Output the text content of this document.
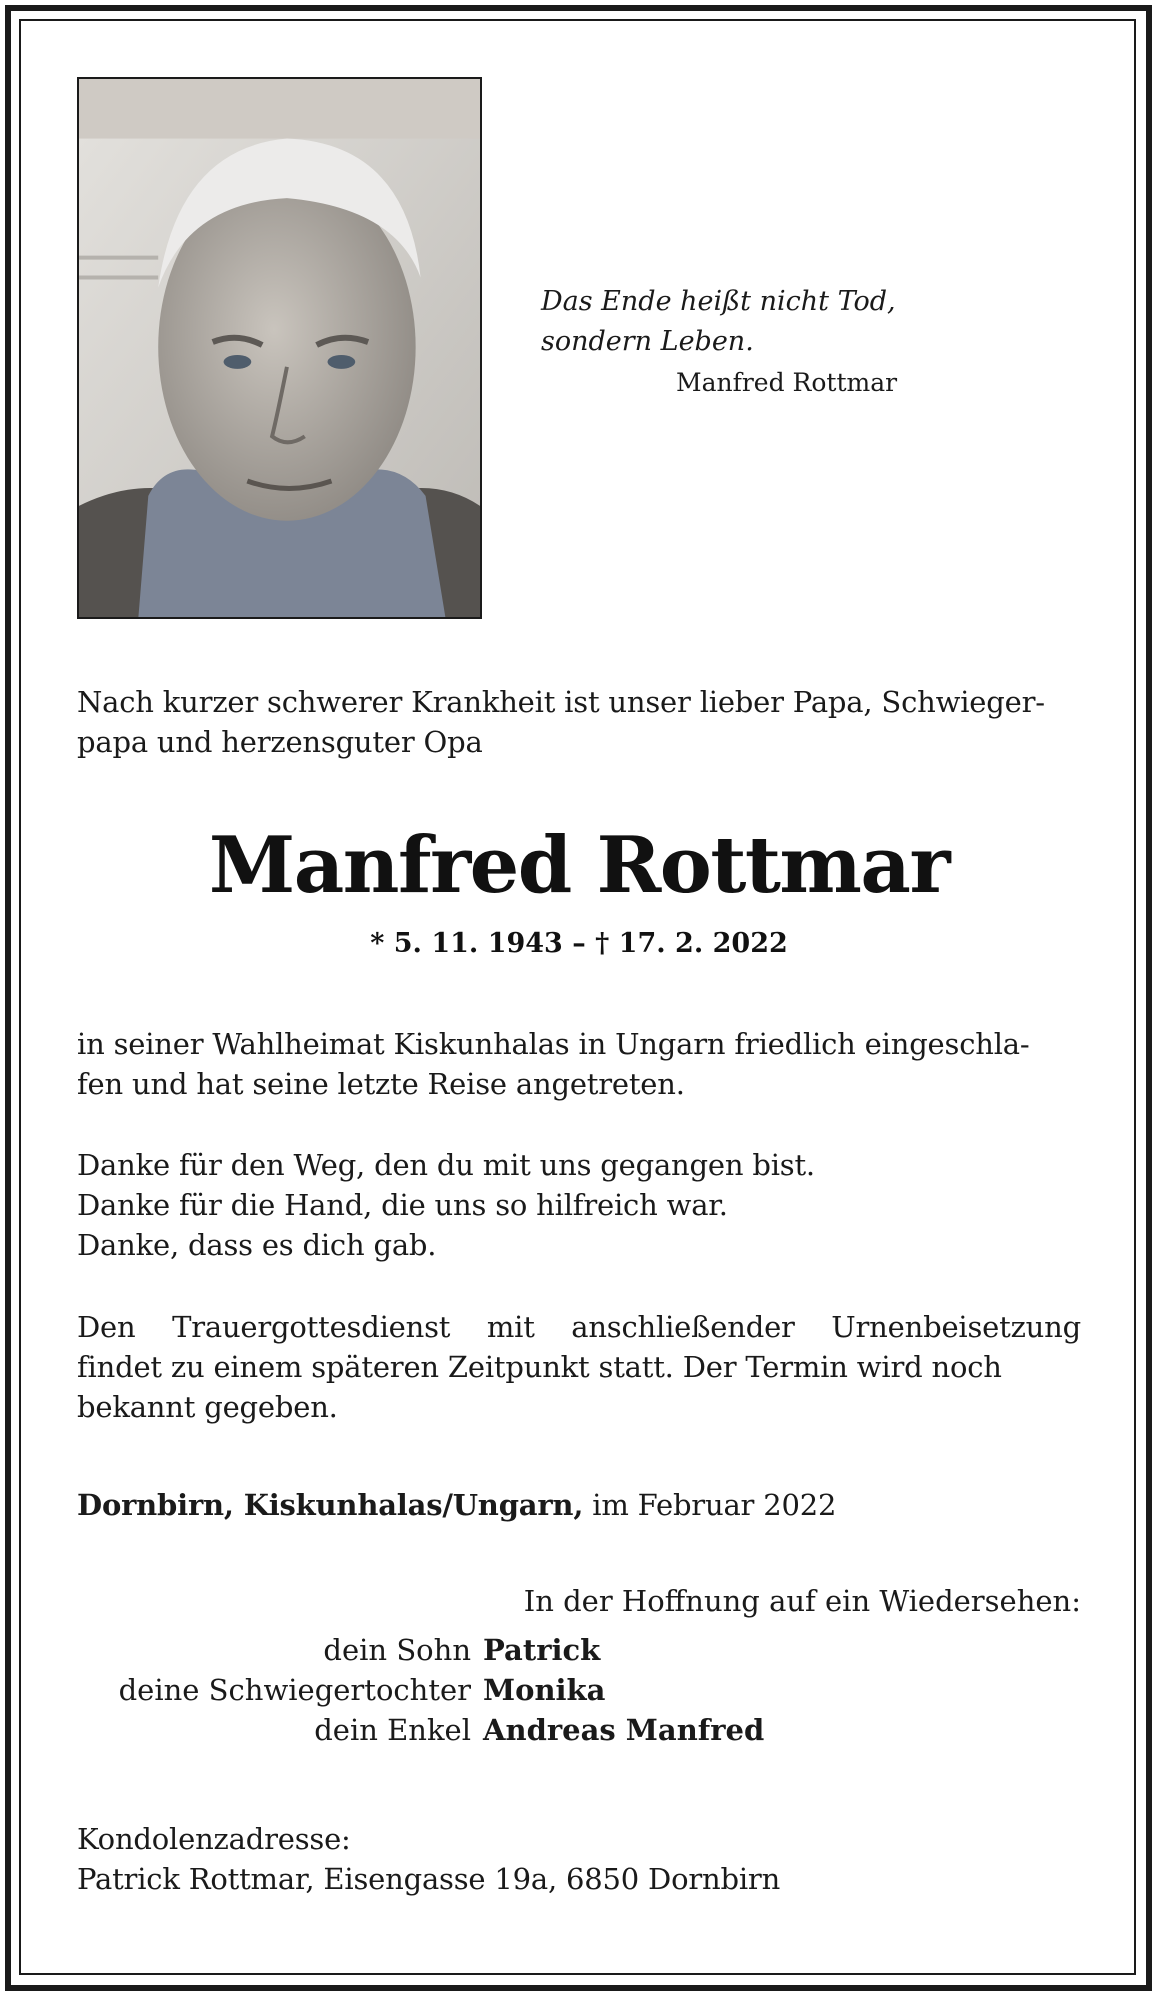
Das Ende heißt nicht Tod,
sondern Leben.
Manfred Rottmar
Nach kurzer schwerer Krankheit ist unser lieber Papa, Schwieger-
papa und herzensguter Opa
Manfred Rottmar
* 5. 11. 1943 – † 17. 2. 2022
in seiner Wahlheimat Kiskunhalas in Ungarn friedlich eingeschla-
fen und hat seine letzte Reise angetreten.
Danke für den Weg, den du mit uns gegangen bist.
Danke für die Hand, die uns so hilfreich war.
Danke, dass es dich gab.
Den Trauergottesdienst mit anschließender Urnenbeisetzung
findet zu einem späteren Zeitpunkt statt. Der Termin wird noch
bekannt gegeben.
Dornbirn, Kiskunhalas/Ungarn, im Februar 2022
In der Hoffnung auf ein Wiedersehen:
dein Sohn Patrick
deine Schwiegertochter Monika
dein Enkel Andreas Manfred
Kondolenzadresse:
Patrick Rottmar, Eisengasse 19a, 6850 Dornbirn
